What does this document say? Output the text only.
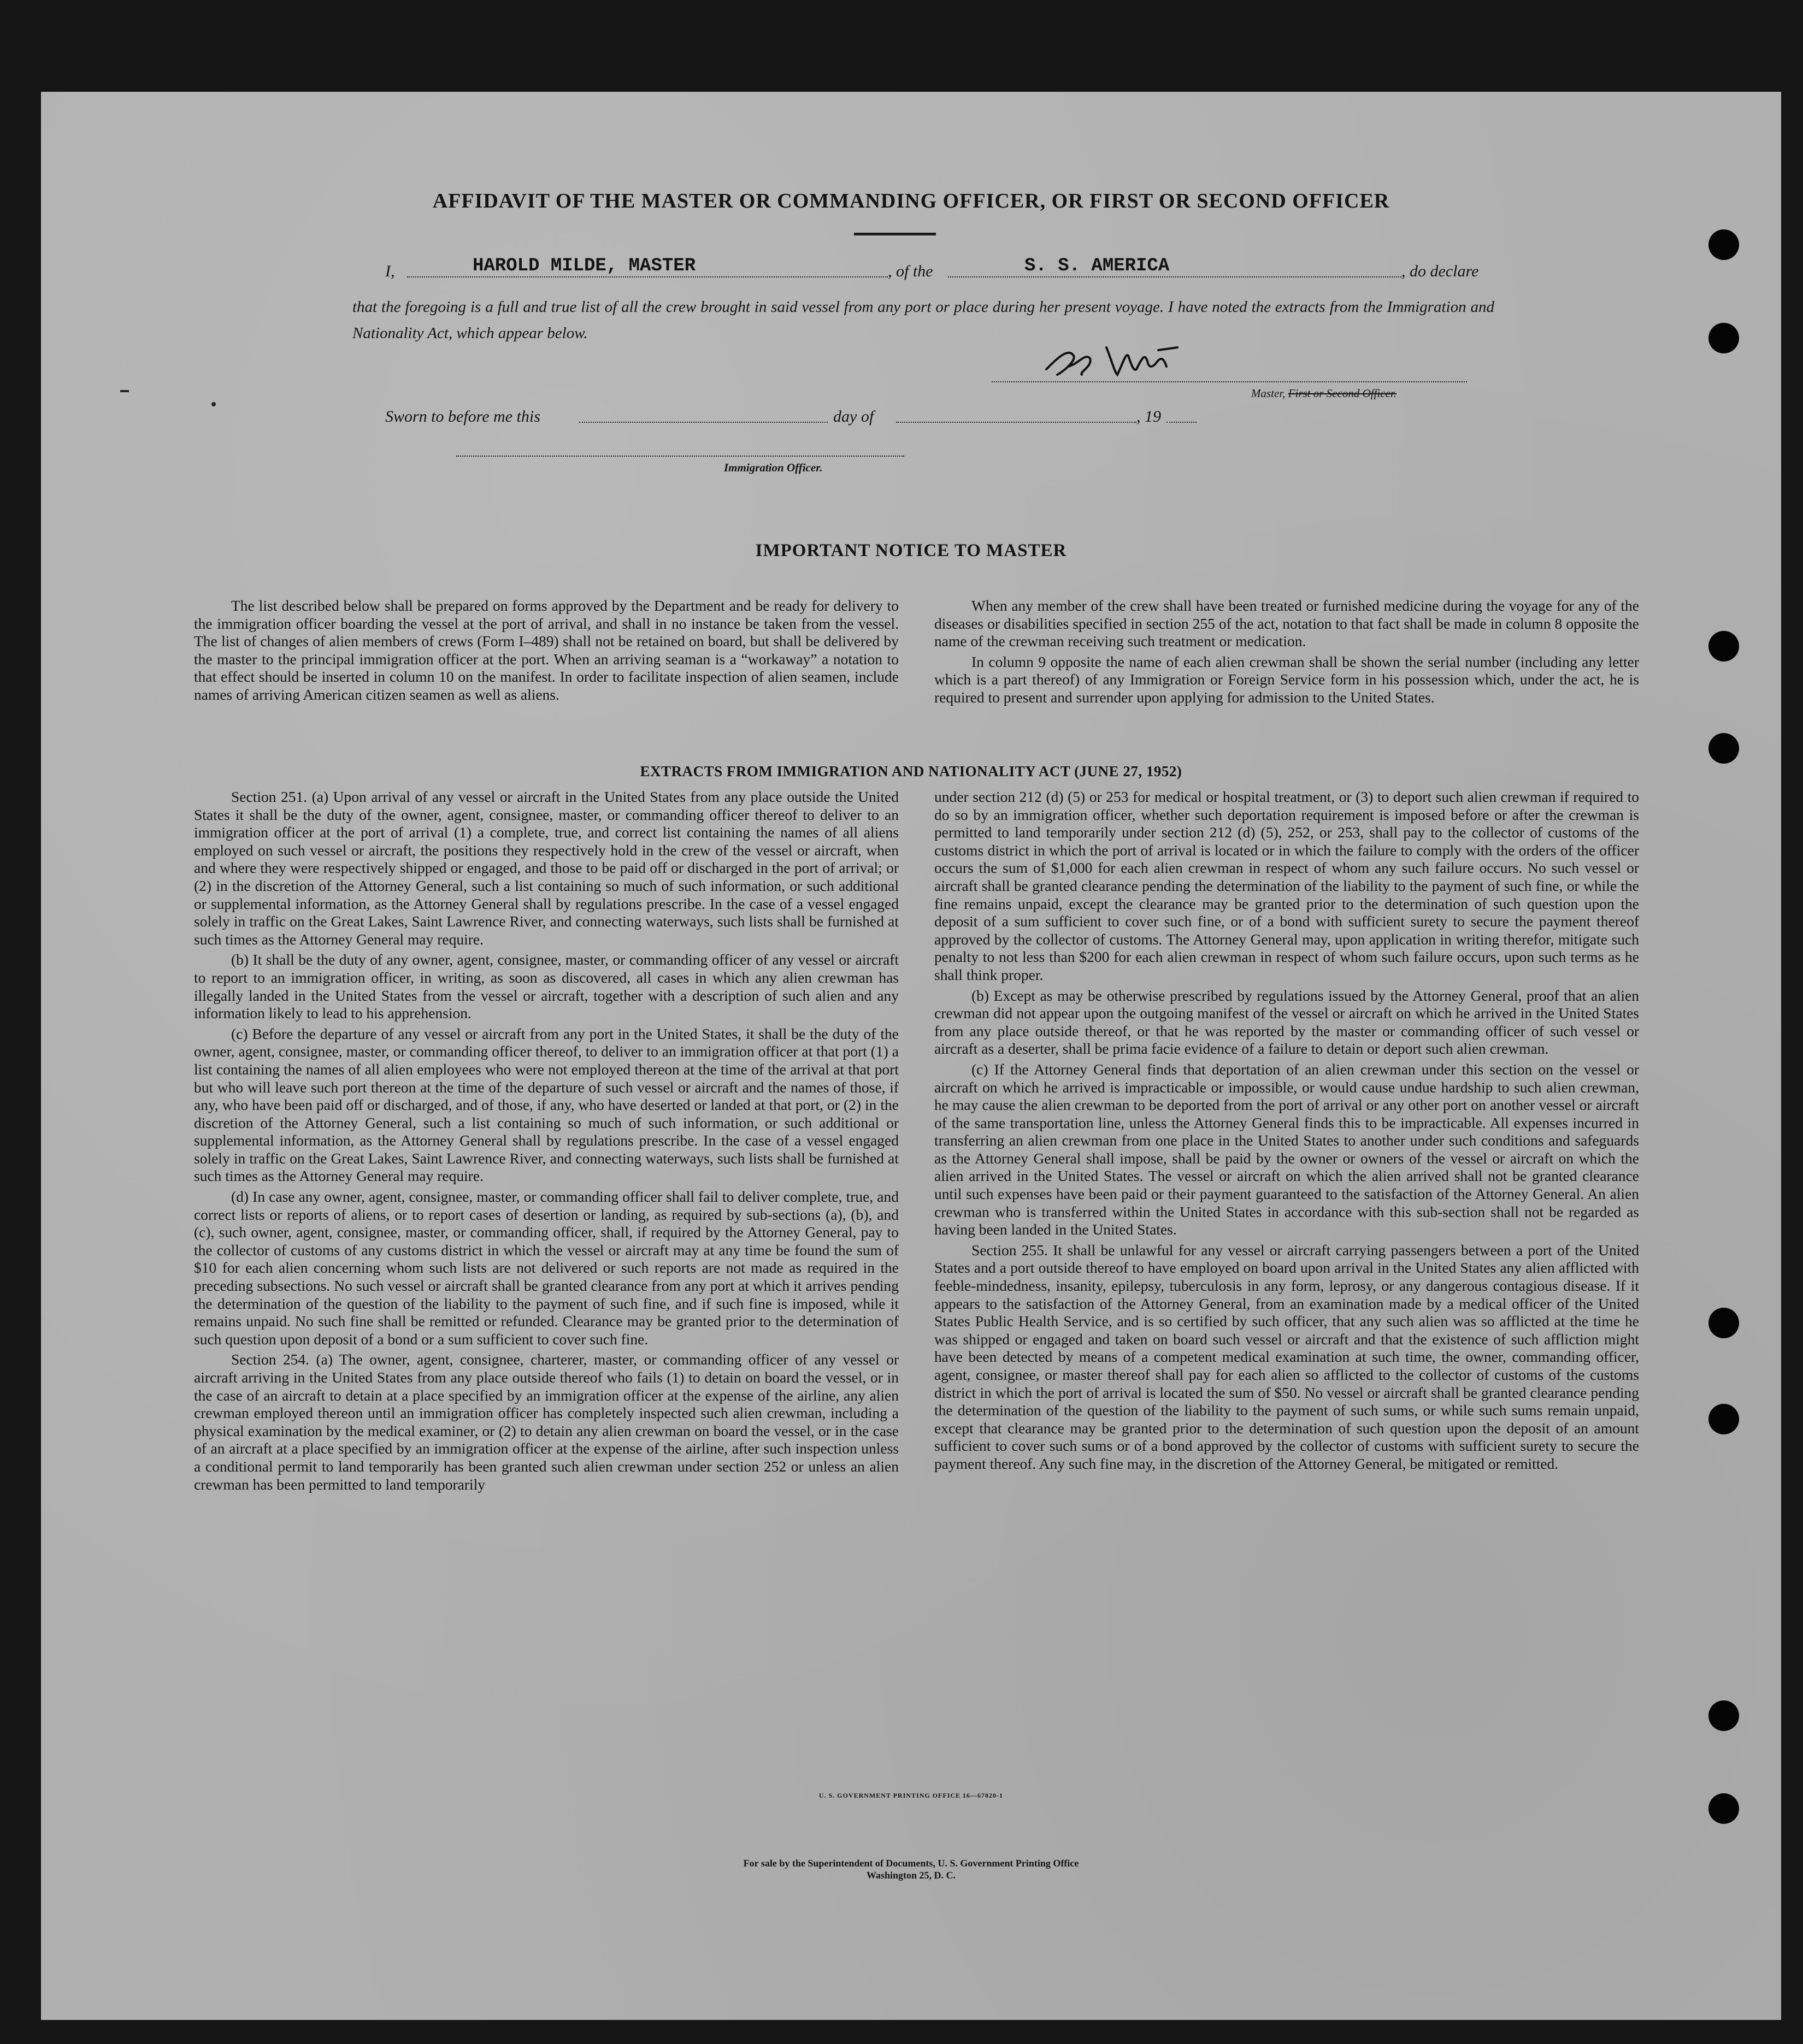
AFFIDAVIT OF THE MASTER OR COMMANDING OFFICER, OR FIRST OR SECOND OFFICER
I,	HAROLD MILDE, MASTER	, of the	S. S. AMERICA	, do declare
that the foregoing is a full and true list of all the crew brought in said vessel from any port or place during her present voyage. I have noted the extracts from the Immigration and Nationality Act, which appear below.
Master, First or Second Officer.
Sworn to before me this	day of	, 19
Immigration Officer.
IMPORTANT NOTICE TO MASTER

The list described below shall be prepared on forms approved by the Department and be ready for delivery to the immigration officer boarding the vessel at the port of arrival, and shall in no instance be taken from the vessel. The list of changes of alien members of crews (Form I–489) shall not be retained on board, but shall be delivered by the master to the principal immigration officer at the port. When an arriving seaman is a “workaway” a notation to that effect should be inserted in column 10 on the manifest. In order to facilitate inspection of alien seamen, include names of arriving American citizen seamen as well as aliens.

When any member of the crew shall have been treated or furnished medicine during the voyage for any of the diseases or disabilities specified in section 255 of the act, notation to that fact shall be made in column 8 opposite the name of the crewman receiving such treatment or medication.

In column 9 opposite the name of each alien crewman shall be shown the serial number (including any letter which is a part thereof) of any Immigration or Foreign Service form in his possession which, under the act, he is required to present and surrender upon applying for admission to the United States.

EXTRACTS FROM IMMIGRATION AND NATIONALITY ACT (JUNE 27, 1952)

Section 251. (a) Upon arrival of any vessel or aircraft in the United States from any place outside the United States it shall be the duty of the owner, agent, consignee, master, or commanding officer thereof to deliver to an immigration officer at the port of arrival (1) a complete, true, and correct list containing the names of all aliens employed on such vessel or aircraft, the positions they respectively hold in the crew of the vessel or aircraft, when and where they were respectively shipped or engaged, and those to be paid off or discharged in the port of arrival; or (2) in the discretion of the Attorney General, such a list containing so much of such information, or such additional or supplemental information, as the Attorney General shall by regulations prescribe. In the case of a vessel engaged solely in traffic on the Great Lakes, Saint Lawrence River, and connecting waterways, such lists shall be furnished at such times as the Attorney General may require.

(b) It shall be the duty of any owner, agent, consignee, master, or commanding officer of any vessel or aircraft to report to an immigration officer, in writing, as soon as discovered, all cases in which any alien crewman has illegally landed in the United States from the vessel or aircraft, together with a description of such alien and any information likely to lead to his apprehension.

(c) Before the departure of any vessel or aircraft from any port in the United States, it shall be the duty of the owner, agent, consignee, master, or commanding officer thereof, to deliver to an immigration officer at that port (1) a list containing the names of all alien employees who were not employed thereon at the time of the arrival at that port but who will leave such port thereon at the time of the departure of such vessel or aircraft and the names of those, if any, who have been paid off or discharged, and of those, if any, who have deserted or landed at that port, or (2) in the discretion of the Attorney General, such a list containing so much of such information, or such additional or supplemental information, as the Attorney General shall by regulations prescribe. In the case of a vessel engaged solely in traffic on the Great Lakes, Saint Lawrence River, and connecting waterways, such lists shall be furnished at such times as the Attorney General may require.

(d) In case any owner, agent, consignee, master, or commanding officer shall fail to deliver complete, true, and correct lists or reports of aliens, or to report cases of desertion or landing, as required by sub-sections (a), (b), and (c), such owner, agent, consignee, master, or commanding officer, shall, if required by the Attorney General, pay to the collector of customs of any customs district in which the vessel or aircraft may at any time be found the sum of $10 for each alien concerning whom such lists are not delivered or such reports are not made as required in the preceding subsections. No such vessel or aircraft shall be granted clearance from any port at which it arrives pending the determination of the question of the liability to the payment of such fine, and if such fine is imposed, while it remains unpaid. No such fine shall be remitted or refunded. Clearance may be granted prior to the determination of such question upon deposit of a bond or a sum sufficient to cover such fine.

Section 254. (a) The owner, agent, consignee, charterer, master, or commanding officer of any vessel or aircraft arriving in the United States from any place outside thereof who fails (1) to detain on board the vessel, or in the case of an aircraft to detain at a place specified by an immigration officer at the expense of the airline, any alien crewman employed thereon until an immigration officer has completely inspected such alien crewman, including a physical examination by the medical examiner, or (2) to detain any alien crewman on board the vessel, or in the case of an aircraft at a place specified by an immigration officer at the expense of the airline, after such inspection unless a conditional permit to land temporarily has been granted such alien crewman under section 252 or unless an alien crewman has been permitted to land temporarily

under section 212 (d) (5) or 253 for medical or hospital treatment, or (3) to deport such alien crewman if required to do so by an immigration officer, whether such deportation requirement is imposed before or after the crewman is permitted to land temporarily under section 212 (d) (5), 252, or 253, shall pay to the collector of customs of the customs district in which the port of arrival is located or in which the failure to comply with the orders of the officer occurs the sum of $1,000 for each alien crewman in respect of whom any such failure occurs. No such vessel or aircraft shall be granted clearance pending the determination of the liability to the payment of such fine, or while the fine remains unpaid, except the clearance may be granted prior to the determination of such question upon the deposit of a sum sufficient to cover such fine, or of a bond with sufficient surety to secure the payment thereof approved by the collector of customs. The Attorney General may, upon application in writing therefor, mitigate such penalty to not less than $200 for each alien crewman in respect of whom such failure occurs, upon such terms as he shall think proper.

(b) Except as may be otherwise prescribed by regulations issued by the Attorney General, proof that an alien crewman did not appear upon the outgoing manifest of the vessel or aircraft on which he arrived in the United States from any place outside thereof, or that he was reported by the master or commanding officer of such vessel or aircraft as a deserter, shall be prima facie evidence of a failure to detain or deport such alien crewman.

(c) If the Attorney General finds that deportation of an alien crewman under this section on the vessel or aircraft on which he arrived is impracticable or impossible, or would cause undue hardship to such alien crewman, he may cause the alien crewman to be deported from the port of arrival or any other port on another vessel or aircraft of the same transportation line, unless the Attorney General finds this to be impracticable. All expenses incurred in transferring an alien crewman from one place in the United States to another under such conditions and safeguards as the Attorney General shall impose, shall be paid by the owner or owners of the vessel or aircraft on which the alien arrived in the United States. The vessel or aircraft on which the alien arrived shall not be granted clearance until such expenses have been paid or their payment guaranteed to the satisfaction of the Attorney General. An alien crewman who is transferred within the United States in accordance with this sub-section shall not be regarded as having been landed in the United States.

Section 255. It shall be unlawful for any vessel or aircraft carrying passengers between a port of the United States and a port outside thereof to have employed on board upon arrival in the United States any alien afflicted with feeble-mindedness, insanity, epilepsy, tuberculosis in any form, leprosy, or any dangerous contagious disease. If it appears to the satisfaction of the Attorney General, from an examination made by a medical officer of the United States Public Health Service, and is so certified by such officer, that any such alien was so afflicted at the time he was shipped or engaged and taken on board such vessel or aircraft and that the existence of such affliction might have been detected by means of a competent medical examination at such time, the owner, commanding officer, agent, consignee, or master thereof shall pay for each alien so afflicted to the collector of customs of the customs district in which the port of arrival is located the sum of $50. No vessel or aircraft shall be granted clearance pending the determination of the question of the liability to the payment of such sums, or while such sums remain unpaid, except that clearance may be granted prior to the determination of such question upon the deposit of an amount sufficient to cover such sums or of a bond approved by the collector of customs with sufficient surety to secure the payment thereof. Any such fine may, in the discretion of the Attorney General, be mitigated or remitted.

U. S. GOVERNMENT PRINTING OFFICE 16—67820-1
For sale by the Superintendent of Documents, U. S. Government Printing Office
Washington 25, D. C.
